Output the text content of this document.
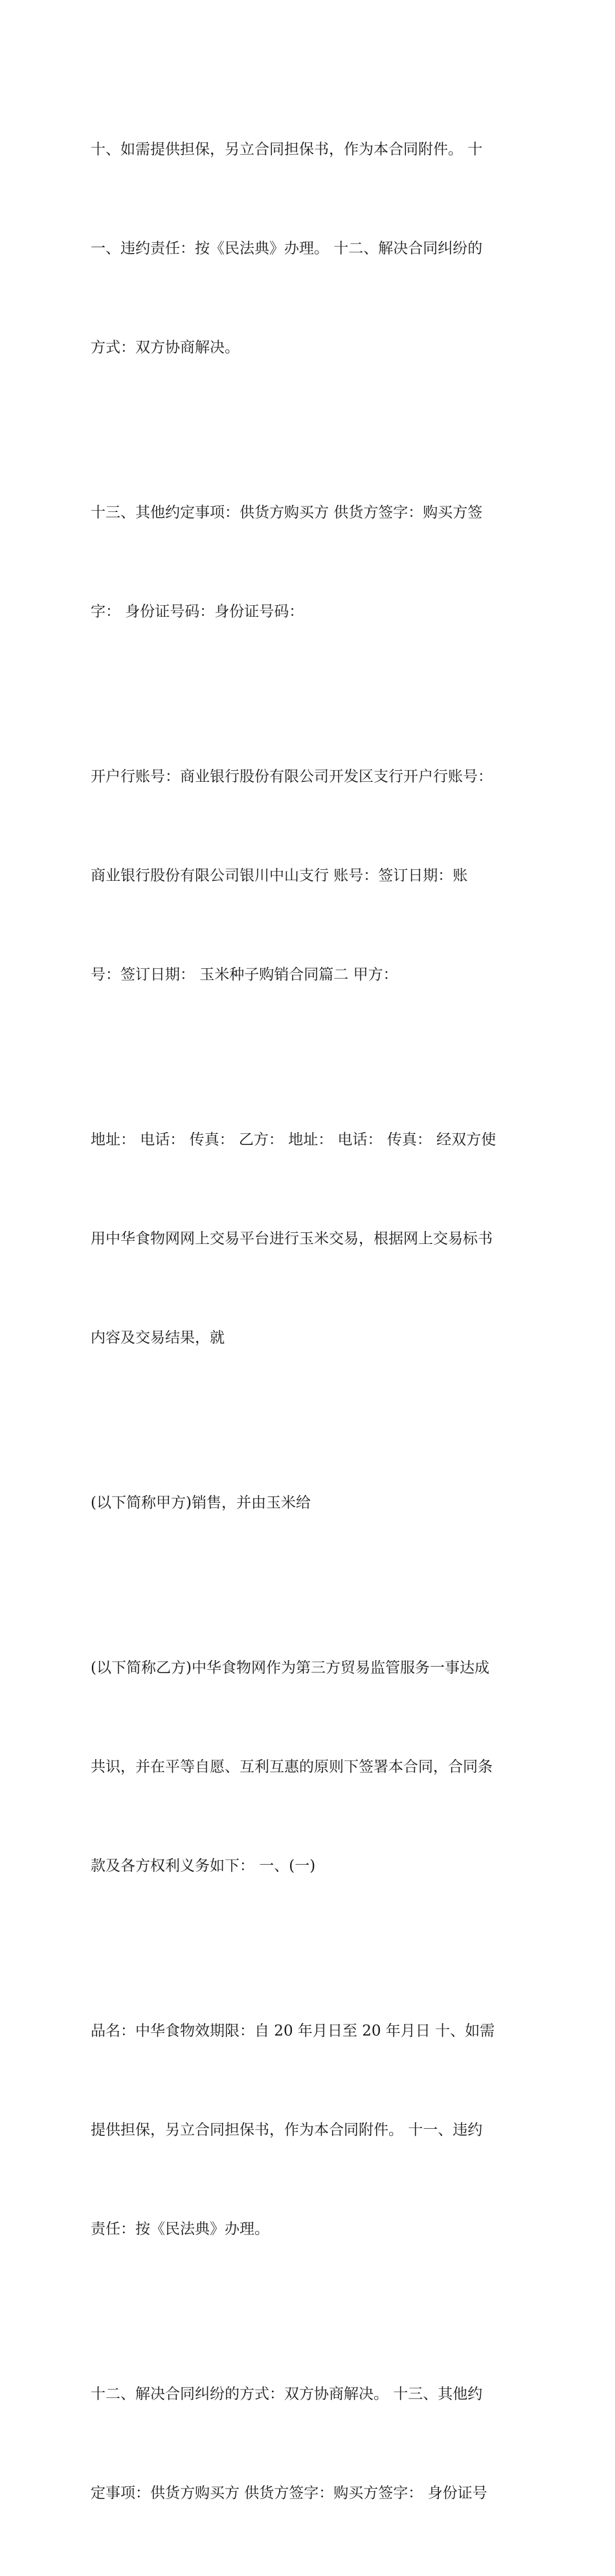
十、如需提供担保，另立合同担保书，作为本合同附件。 十

一、违约责任：按《民法典》办理。 十二、解决合同纠纷的

方式：双方协商解决。

十三、其他约定事项：供货方购买方 供货方签字：购买方签

字： 身份证号码：身份证号码：

开户行账号：商业银行股份有限公司开发区支行开户行账号：

商业银行股份有限公司银川中山支行 账号：签订日期：账

号：签订日期： 玉米种子购销合同篇二 甲方：

地址： 电话： 传真： 乙方： 地址： 电话： 传真： 经双方使

用中华食物网网上交易平台进行玉米交易，根据网上交易标书

内容及交易结果，就

(以下简称甲方)销售，并由玉米给

(以下简称乙方)中华食物网作为第三方贸易监管服务一事达成

共识，并在平等自愿、互利互惠的原则下签署本合同，合同条

款及各方权利义务如下： 一、(一)

品名：中华食物效期限：自 20 年月日至 20 年月日 十、如需

提供担保，另立合同担保书，作为本合同附件。 十一、违约

责任：按《民法典》办理。

十二、解决合同纠纷的方式：双方协商解决。 十三、其他约

定事项：供货方购买方 供货方签字：购买方签字： 身份证号
